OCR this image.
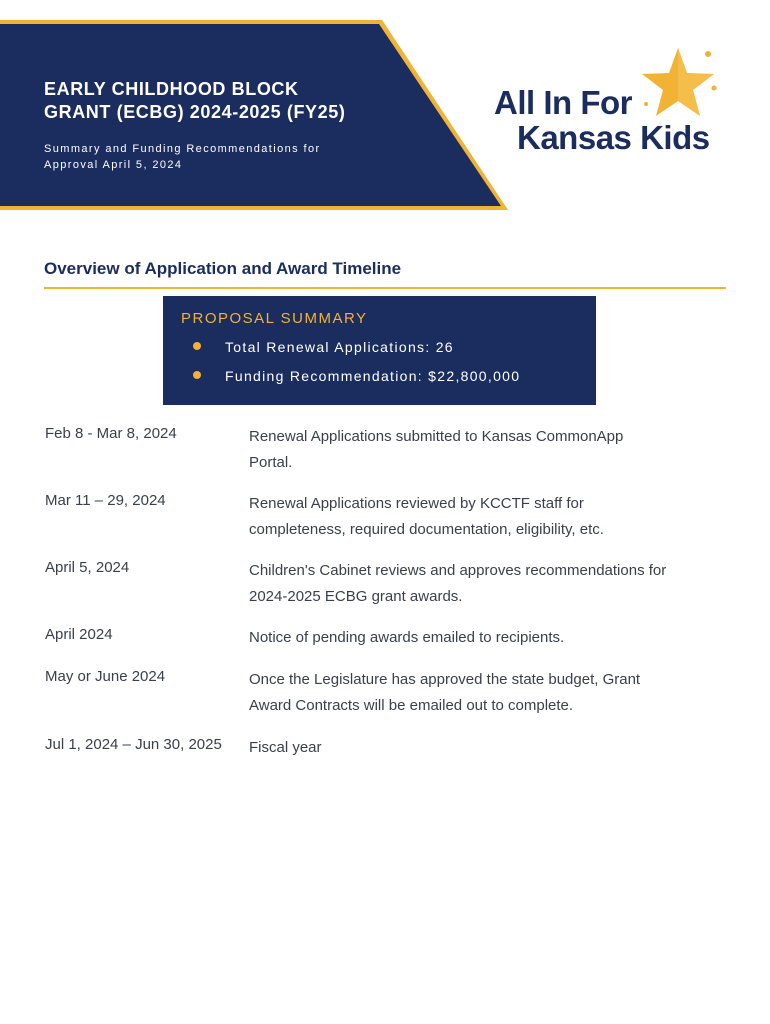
EARLY CHILDHOOD BLOCK
GRANT (ECBG) 2024-2025 (FY25)
Summary and Funding Recommendations for
Approval April 5, 2024
All In For
Kansas Kids
Overview of Application and Award Timeline
PROPOSAL SUMMARY
Total Renewal Applications: 26
Funding Recommendation: $22,800,000
Feb 8 - Mar 8, 2024	Renewal Applications submitted to Kansas CommonApp
Portal.
Mar 11 – 29, 2024	Renewal Applications reviewed by KCCTF staff for
completeness, required documentation, eligibility, etc.
April 5, 2024	Children's Cabinet reviews and approves recommendations for
2024-2025 ECBG grant awards.
April 2024	Notice of pending awards emailed to recipients.
May or June 2024	Once the Legislature has approved the state budget, Grant
Award Contracts will be emailed out to complete.
Jul 1, 2024 – Jun 30, 2025 Fiscal year
